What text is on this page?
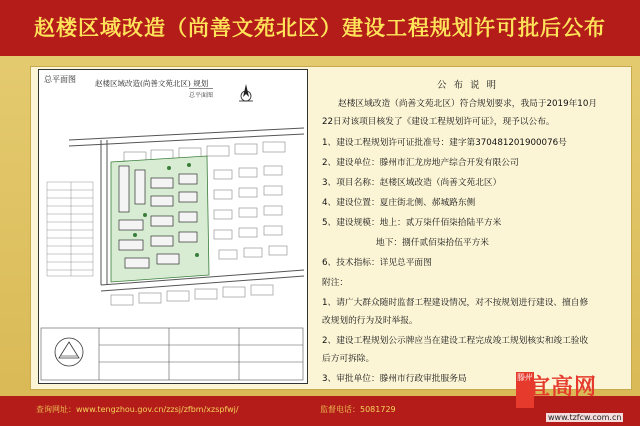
赵楼区域改造（尚善文苑北区）建设工程规划许可批后公布
总平面图	赵楼区域改造(尚善文苑北区) 规划
总平面图
公 布 说 明
赵楼区域改造（尚善文苑北区）符合规划要求，我局于2019年10月
22日对该项目核发了《建设工程规划许可证》，现予以公布。
1、建设工程规划许可证批准号：建字第370481201900076号
2、建设单位：滕州市汇龙房地产综合开发有限公司
3、项目名称：赵楼区域改造（尚善文苑北区）
4、建设位置：夏庄街北侧、郝城路东侧
5、建设规模：地上：贰万柒仟佰柒拾陆平方米
地下：捌仟贰佰柒拾伍平方米
6、技术指标：详见总平面图
附注：
1、请广大群众随时监督工程建设情况，对不按规划进行建设、擅自修
改规划的行为及时举报。
2、建设工程规划公示牌应当在建设工程完成竣工规划核实和竣工验收
后方可拆除。
3、审批单位：滕州市行政审批服务局
查询网址：www.tengzhou.gov.cn/zzsj/zfbm/xzspfwj/	监督电话：5081729
滕州
宜高网
www.tzfcw.com.cn
